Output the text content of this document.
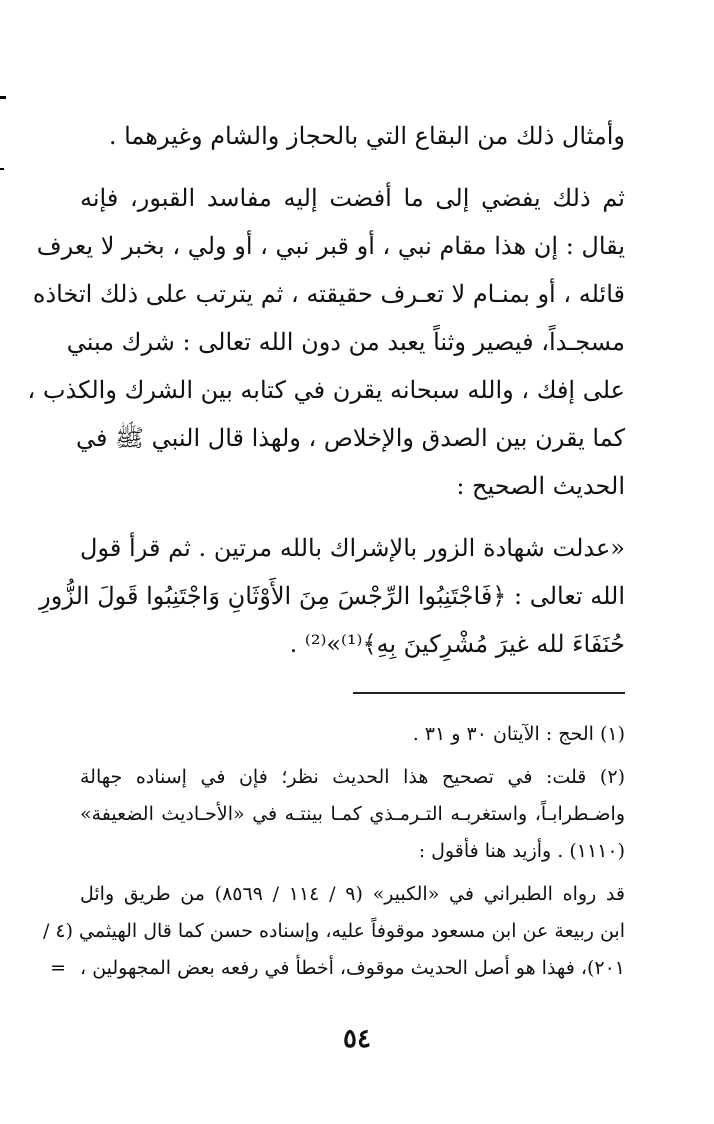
وأمثال ذلك من البقاع التي بالحجاز والشام وغيرهما .

ثم ذلك يفضي إلى ما أفضت إليه مفاسد القبور، فإنه
يقال : إن هذا مقام نبي ، أو قبر نبي ، أو ولي ، بخبر لا يعرف
قائله ، أو بمنـام لا تعـرف حقيقته ، ثم يترتب على ذلك اتخاذه
مسجـداً، فيصير وثناً يعبد من دون الله تعالى : شرك مبني
على إفك ، والله سبحانه يقرن في كتابه بين الشرك والكذب ،
كما يقرن بين الصدق والإخلاص ، ولهذا قال النبي ﷺ في
الحديث الصحيح :

«عدلت شهادة الزور بالإشراك بالله مرتين . ثم قرأ قول
الله تعالى : ﴿فَاجْتَنِبُوا الرِّجْسَ مِنَ الأَوْثَانِ وَاجْتَنِبُوا قَولَ الزُّورِ
حُنَفَاءَ لله غيرَ مُشْرِكينَ بِهِ﴾⁽¹⁾»⁽²⁾ .

(١) الحج : الآيتان ٣٠ و ٣١ .

(٢) قلت: في تصحيح هذا الحديث نظر؛ فإن في إسناده جهالة
واضـطرابـاً، واستغربـه التـرمـذي كمـا بينتـه في «الأحـاديث الضعيفة»
(١١١٠) . وأزيد هنا فأقول :

قد رواه الطبراني في «الكبير» (٩ / ١١٤ / ٨٥٦٩) من طريق وائل
ابن ربيعة عن ابن مسعود موقوفاً عليه، وإسناده حسن كما قال الهيثمي (٤ /
٢٠١)، فهذا هو أصل الحديث موقوف، أخطأ في رفعه بعض المجهولين ،=

٥٤
